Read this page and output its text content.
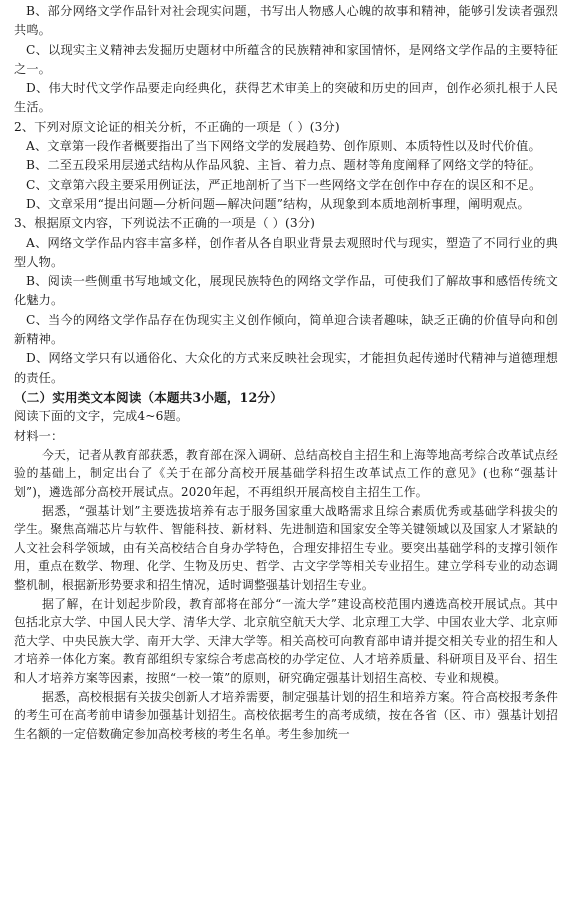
B、部分网络文学作品针对社会现实问题，书写出人物感人心魄的故事和精神，能够引发读者强烈共鸣。

C、以现实主义精神去发掘历史题材中所蕴含的民族精神和家国情怀，是网络文学作品的主要特征之一。

D、伟大时代文学作品要走向经典化，获得艺术审美上的突破和历史的回声，创作必须扎根于人民生活。

2、下列对原文论证的相关分析，不正确的一项是（ ）(3分)

A、文章第一段作者概要指出了当下网络文学的发展趋势、创作原则、本质特性以及时代价值。

B、二至五段采用层递式结构从作品风貌、主旨、着力点、题材等角度阐释了网络文学的特征。

C、文章第六段主要采用例证法，严正地剖析了当下一些网络文学在创作中存在的误区和不足。

D、文章采用“提出问题—分析问题—解决问题”结构，从现象到本质地剖析事理，阐明观点。

3、根据原文内容，下列说法不正确的一项是（ ）(3分)

A、网络文学作品内容丰富多样，创作者从各自职业背景去观照时代与现实，塑造了不同行业的典型人物。

B、阅读一些侧重书写地域文化，展现民族特色的网络文学作品，可使我们了解故事和感悟传统文化魅力。

C、当今的网络文学作品存在伪现实主义创作倾向，简单迎合读者趣味，缺乏正确的价值导向和创新精神。

D、网络文学只有以通俗化、大众化的方式来反映社会现实，才能担负起传递时代精神与道德理想的责任。

（二）实用类文本阅读（本题共3小题，12分）

阅读下面的文字，完成4~6题。

材料一：

今天，记者从教育部获悉，教育部在深入调研、总结高校自主招生和上海等地高考综合改革试点经验的基础上，制定出台了《关于在部分高校开展基础学科招生改革试点工作的意见》(也称“强基计划”)，遴选部分高校开展试点。2020年起，不再组织开展高校自主招生工作。

据悉，“强基计划”主要选拔培养有志于服务国家重大战略需求且综合素质优秀或基础学科拔尖的学生。聚焦高端芯片与软件、智能科技、新材料、先进制造和国家安全等关键领域以及国家人才紧缺的人文社会科学领域，由有关高校结合自身办学特色，合理安排招生专业。要突出基础学科的支撑引领作用，重点在数学、物理、化学、生物及历史、哲学、古文字学等相关专业招生。建立学科专业的动态调整机制，根据新形势要求和招生情况，适时调整强基计划招生专业。

据了解，在计划起步阶段，教育部将在部分“一流大学”建设高校范围内遴选高校开展试点。其中包括北京大学、中国人民大学、清华大学、北京航空航天大学、北京理工大学、中国农业大学、北京师范大学、中央民族大学、南开大学、天津大学等。相关高校可向教育部申请并提交相关专业的招生和人才培养一体化方案。教育部组织专家综合考虑高校的办学定位、人才培养质量、科研项目及平台、招生和人才培养方案等因素，按照“一校一策”的原则，研究确定强基计划招生高校、专业和规模。

据悉，高校根据有关拔尖创新人才培养需要，制定强基计划的招生和培养方案。符合高校报考条件的考生可在高考前申请参加强基计划招生。高校依据考生的高考成绩，按在各省（区、市）强基计划招生名额的一定倍数确定参加高校考核的考生名单。考生参加统一
